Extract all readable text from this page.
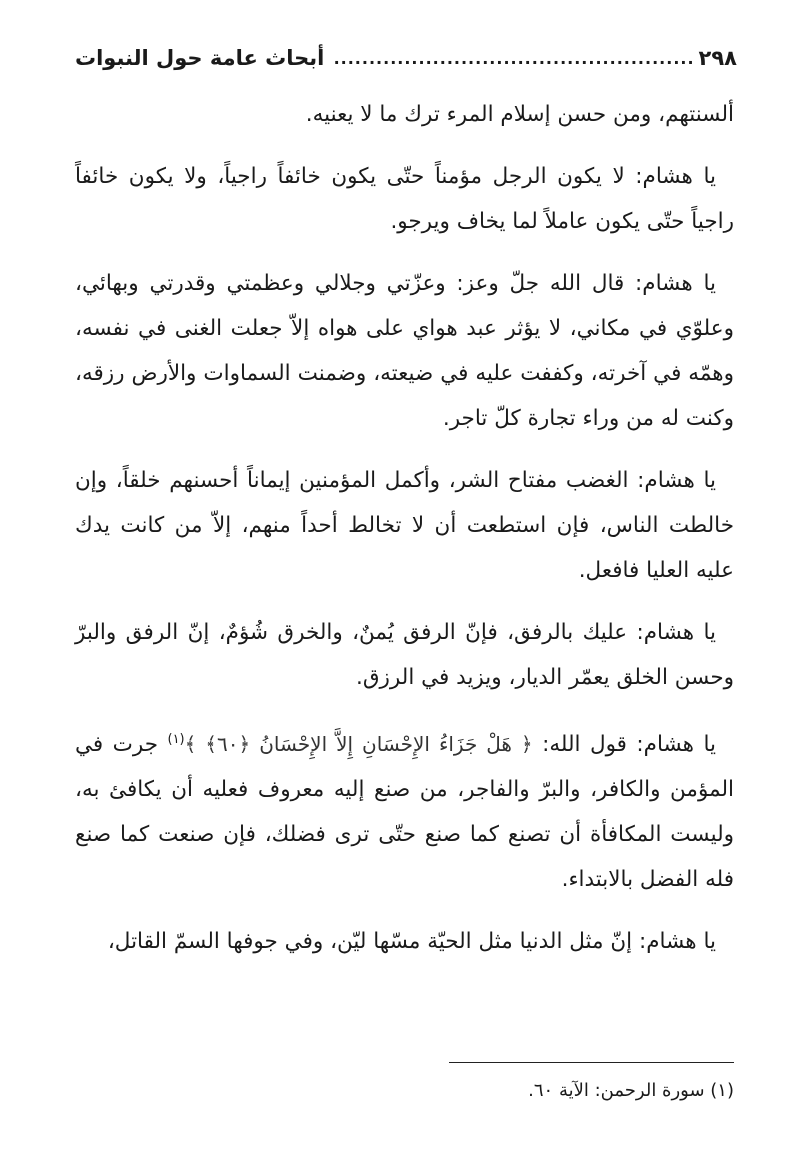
٢٩٨
...................................................
أبحاث عامة حول النبوات

ألسنتهم، ومن حسن إسلام المرء ترك ما لا يعنيه.

يا هشام: لا يكون الرجل مؤمناً حتّى يكون خائفاً راجياً، ولا يكون خائفاً راجياً حتّى يكون عاملاً لما يخاف ويرجو.

يا هشام: قال الله جلّ وعز: وعزّتي وجلالي وعظمتي وقدرتي وبهائي، وعلوّي في مكاني، لا يؤثر عبد هواي على هواه إلاّ جعلت الغنى في نفسه، وهمّه في آخرته، وكففت عليه في ضيعته، وضمنت السماوات والأرض رزقه، وكنت له من وراء تجارة كلّ تاجر.

يا هشام: الغضب مفتاح الشر، وأكمل المؤمنين إيماناً أحسنهم خلقاً، وإن خالطت الناس، فإن استطعت أن لا تخالط أحداً منهم، إلاّ من كانت يدك عليه العليا فافعل.

يا هشام: عليك بالرفق، فإنّ الرفق يُمنٌ، والخرق شُؤمٌ، إنّ الرفق والبرّ وحسن الخلق يعمّر الديار، ويزيد في الرزق.

يا هشام: قول الله: ﴿ هَلْ جَزَاءُ الإِحْسَانِ إِلاَّ الإِحْسَانُ ﴿٦٠﴾ ﴾$^{(١)}$ جرت في المؤمن والكافر، والبرّ والفاجر، من صنع إليه معروف فعليه أن يكافئ به، وليست المكافأة أن تصنع كما صنع حتّى ترى فضلك، فإن صنعت كما صنع فله الفضل بالابتداء.

يا هشام: إنّ مثل الدنيا مثل الحيّة مسّها ليّن، وفي جوفها السمّ القاتل،

(١) سورة الرحمن: الآية ٦٠.
